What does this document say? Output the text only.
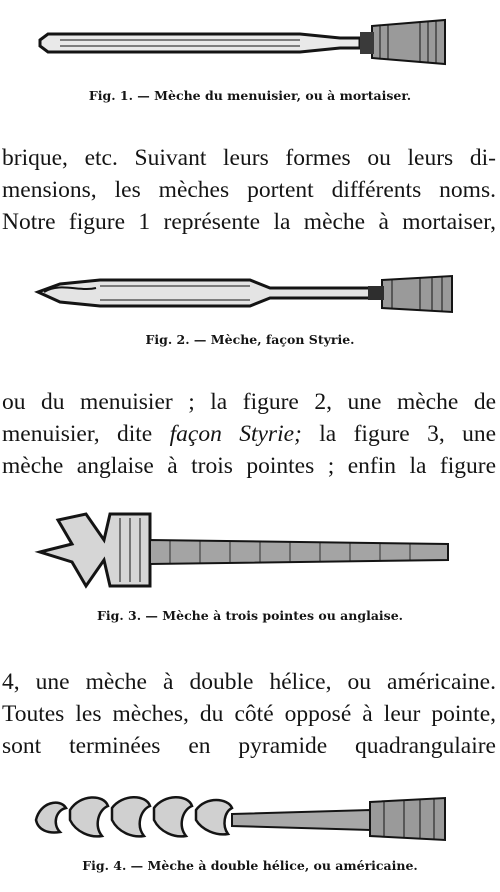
Fig. 1. — Mèche du menuisier, ou à mortaiser.
brique, etc. Suivant leurs formes ou leurs di-
mensions, les mèches portent différents noms.
Notre figure 1 représente la mèche à mortaiser,
Fig. 2. — Mèche, façon Styrie.
ou du menuisier ; la figure 2, une mèche de
menuisier, dite façon Styrie; la figure 3, une
mèche anglaise à trois pointes ; enfin la figure
Fig. 3. — Mèche à trois pointes ou anglaise.
4, une mèche à double hélice, ou américaine.
Toutes les mèches, du côté opposé à leur pointe,
sont terminées en pyramide quadrangulaire
Fig. 4. — Mèche à double hélice, ou américaine.
